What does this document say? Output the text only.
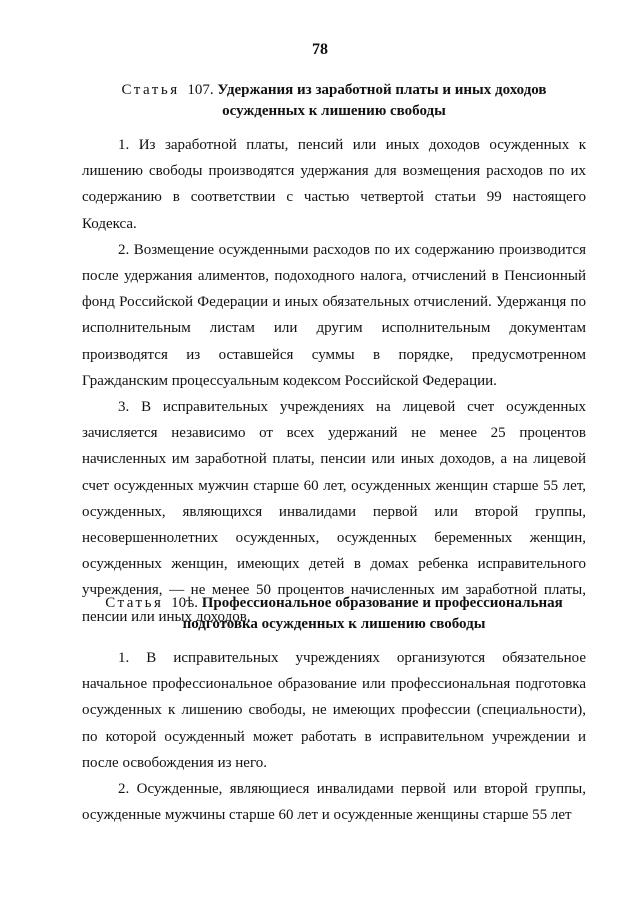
78
Статья 107. Удержания из заработной платы и иных доходов
осужденных к лишению свободы

1. Из заработной платы, пенсий или иных доходов осужденных к лишению свободы производятся удержания для возмещения расходов по их содержанию в соответствии с частью четвертой статьи 99 настоящего Кодекса.

2. Возмещение осужденными расходов по их содержанию производится после удержания алиментов, подоходного налога, отчислений в Пенсионный фонд Российской Федерации и иных обязательных отчислений. Удержанця по исполнительным листам или другим исполнительным документам производятся из оставшейся суммы в порядке, предусмотренном Гражданским процессуальным кодексом Российской Федерации.

3. В исправительных учреждениях на лицевой счет осужденных зачисляется независимо от всех удержаний не менее 25 процентов начисленных им заработной платы, пенсии или иных доходов, а на лицевой счет осужденных мужчин старше 60 лет, осужденных женщин старше 55 лет, осужденных, являющихся инвалидами первой или второй группы, несовершеннолетних осужденных, осужденных беременных женщин, осужденных женщин, имеющих детей в домах ребенка исправительного учреждения, — не менее 50 процентов начисленных им заработной платы, пенсии или иных доходов.

Статья 10ѣ. Профессиональное образование и профессиональная
подготовка осужденных к лишению свободы

1. В исправительных учреждениях организуются обязательное начальное профессиональное образование или профессиональная подготовка осужденных к лишению свободы, не имеющих профессии (специальности), по которой осужденный может работать в исправительном учреждении и после освобождения из него.

2. Осужденные, являющиеся инвалидами первой или второй группы, осужденные мужчины старше 60 лет и осужденные женщины старше 55 лет
